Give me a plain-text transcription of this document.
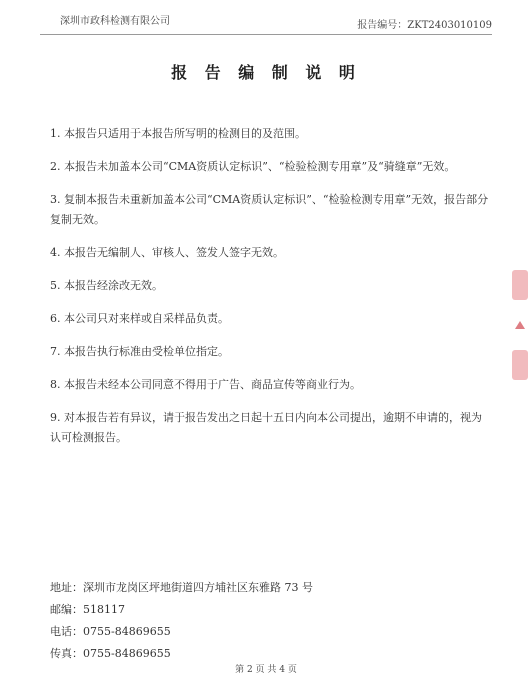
深圳市政科检测有限公司	报告编号：ZKT2403010109
报 告 编 制 说 明

1. 本报告只适用于本报告所写明的检测目的及范围。

2. 本报告未加盖本公司“CMA资质认定标识”、“检验检测专用章”及“骑缝章”无效。

3. 复制本报告未重新加盖本公司“CMA资质认定标识”、“检验检测专用章”无效，报告部分复制无效。

4. 本报告无编制人、审核人、签发人签字无效。

5. 本报告经涂改无效。

6. 本公司只对来样或自采样品负责。

7. 本报告执行标准由受检单位指定。

8. 本报告未经本公司同意不得用于广告、商品宣传等商业行为。

9. 对本报告若有异议，请于报告发出之日起十五日内向本公司提出，逾期不申请的，视为认可检测报告。

地址：深圳市龙岗区坪地街道四方埔社区东雅路 73 号
邮编：518117
电话：0755-84869655
传真：0755-84869655
第 2 页 共 4 页
